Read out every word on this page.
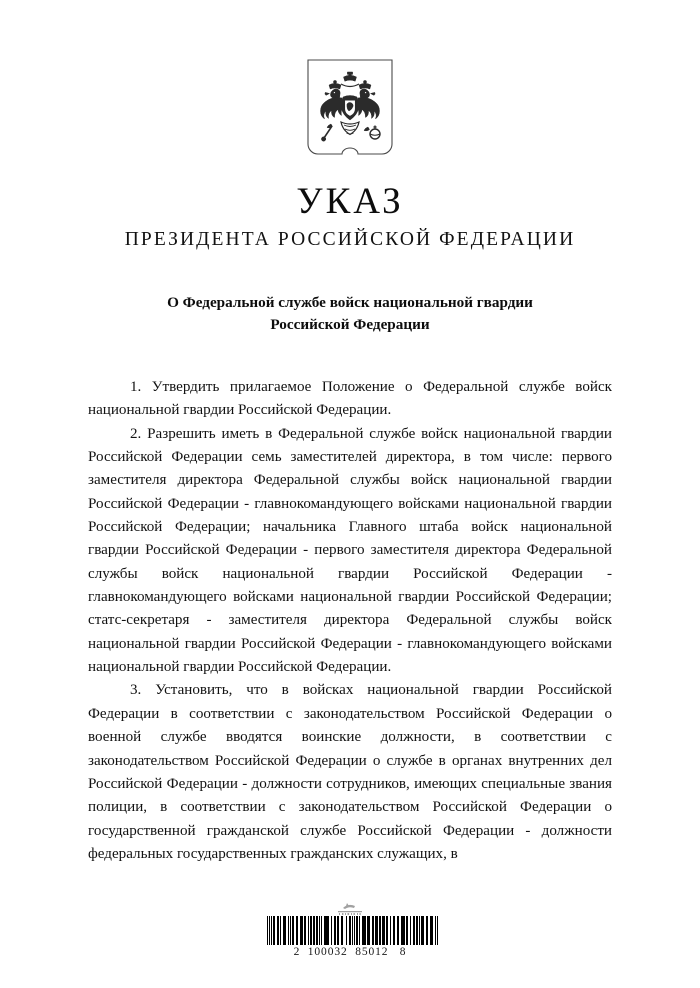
УКАЗ
ПРЕЗИДЕНТА РОССИЙСКОЙ ФЕДЕРАЦИИ
О Федеральной службе войск национальной гвардии
Российской Федерации

1. Утвердить прилагаемое Положение о Федеральной службе войск национальной гвардии Российской Федерации.

2. Разрешить иметь в Федеральной службе войск национальной гвардии Российской Федерации семь заместителей директора, в том числе: первого заместителя директора Федеральной службы войск национальной гвардии Российской Федерации - главнокомандующего войсками национальной гвардии Российской Федерации; начальника Главного штаба войск национальной гвардии Российской Федерации - первого заместителя директора Федеральной службы войск национальной гвардии Российской Федерации - главнокомандующего войсками национальной гвардии Российской Федерации; статс-секретаря - заместителя директора Федеральной службы войск национальной гвардии Российской Федерации - главнокомандующего войсками национальной гвардии Российской Федерации.

3. Установить, что в войсках национальной гвардии Российской Федерации в соответствии с законодательством Российской Федерации о военной службе вводятся воинские должности, в соответствии с законодательством Российской Федерации о службе в органах внутренних дел Российской Федерации - должности сотрудников, имеющих специальные звания полиции, в соответствии с законодательством Российской Федерации о государственной гражданской службе Российской Федерации - должности федеральных государственных гражданских служащих, в

2  100032  85012   8
